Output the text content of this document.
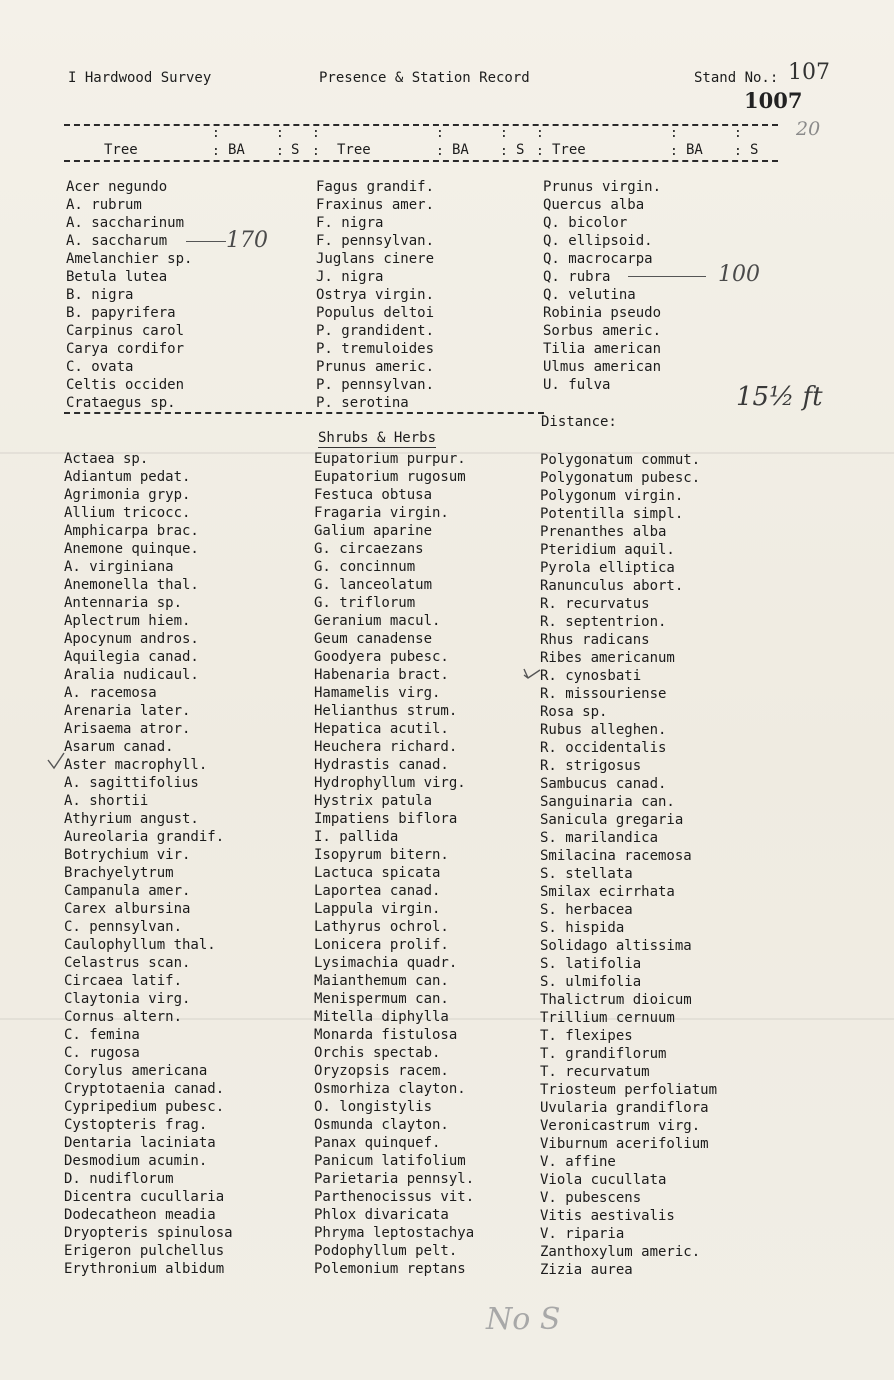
I Hardwood Survey	Presence & Station Record	Stand No.: 107
1007
20
Tree	BA	S	Tree	BA	S Tree	BA	S
:
:
:
:
:
:
:
:
:
:
:
:
:
:
:
:
Acer negundo
A. rubrum
A. saccharinum
A. saccharum
Amelanchier sp.
Betula lutea
B. nigra
B. papyrifera
Carpinus carol
Carya cordifor
C. ovata
Celtis occiden
Crataegus sp.
Fagus grandif.
Fraxinus amer.
F. nigra
F. pennsylvan.
Juglans cinere
J. nigra
Ostrya virgin.
Populus deltoi
P. grandident.
P. tremuloides
Prunus americ.
P. pennsylvan.
P. serotina
Prunus virgin.
Quercus alba
Q. bicolor
Q. ellipsoid.
Q. macrocarpa
Q. rubra
Q. velutina
Robinia pseudo
Sorbus americ.
Tilia american
Ulmus american
U. fulva
170
100
15½ ft
Shrubs & Herbs
Distance:
Actaea sp.
Adiantum pedat.
Agrimonia gryp.
Allium tricocc.
Amphicarpa brac.
Anemone quinque.
A. virginiana
Anemonella thal.
Antennaria sp.
Aplectrum hiem.
Apocynum andros.
Aquilegia canad.
Aralia nudicaul.
A. racemosa
Arenaria later.
Arisaema atror.
Asarum canad.
Aster macrophyll.
A. sagittifolius
A. shortii
Athyrium angust.
Aureolaria grandif.
Botrychium vir.
Brachyelytrum
Campanula amer.
Carex albursina
C. pennsylvan.
Caulophyllum thal.
Celastrus scan.
Circaea latif.
Claytonia virg.
Cornus altern.
C. femina
C. rugosa
Corylus americana
Cryptotaenia canad.
Cypripedium pubesc.
Cystopteris frag.
Dentaria laciniata
Desmodium acumin.
D. nudiflorum
Dicentra cucullaria
Dodecatheon meadia
Dryopteris spinulosa
Erigeron pulchellus
Erythronium albidum
Eupatorium purpur.
Eupatorium rugosum
Festuca obtusa
Fragaria virgin.
Galium aparine
G. circaezans
G. concinnum
G. lanceolatum
G. triflorum
Geranium macul.
Geum canadense
Goodyera pubesc.
Habenaria bract.
Hamamelis virg.
Helianthus strum.
Hepatica acutil.
Heuchera richard.
Hydrastis canad.
Hydrophyllum virg.
Hystrix patula
Impatiens biflora
I. pallida
Isopyrum bitern.
Lactuca spicata
Laportea canad.
Lappula virgin.
Lathyrus ochrol.
Lonicera prolif.
Lysimachia quadr.
Maianthemum can.
Menispermum can.
Mitella diphylla
Monarda fistulosa
Orchis spectab.
Oryzopsis racem.
Osmorhiza clayton.
O. longistylis
Osmunda clayton.
Panax quinquef.
Panicum latifolium
Parietaria pennsyl.
Parthenocissus vit.
Phlox divaricata
Phryma leptostachya
Podophyllum pelt.
Polemonium reptans
Polygonatum commut.
Polygonatum pubesc.
Polygonum virgin.
Potentilla simpl.
Prenanthes alba
Pteridium aquil.
Pyrola elliptica
Ranunculus abort.
R. recurvatus
R. septentrion.
Rhus radicans
Ribes americanum
R. cynosbati
R. missouriense
Rosa sp.
Rubus alleghen.
R. occidentalis
R. strigosus
Sambucus canad.
Sanguinaria can.
Sanicula gregaria
S. marilandica
Smilacina racemosa
S. stellata
Smilax ecirrhata
S. herbacea
S. hispida
Solidago altissima
S. latifolia
S. ulmifolia
Thalictrum dioicum
Trillium cernuum
T. flexipes
T. grandiflorum
T. recurvatum
Triosteum perfoliatum
Uvularia grandiflora
Veronicastrum virg.
Viburnum acerifolium
V. affine
Viola cucullata
V. pubescens
Vitis aestivalis
V. riparia
Zanthoxylum americ.
Zizia aurea
No S
